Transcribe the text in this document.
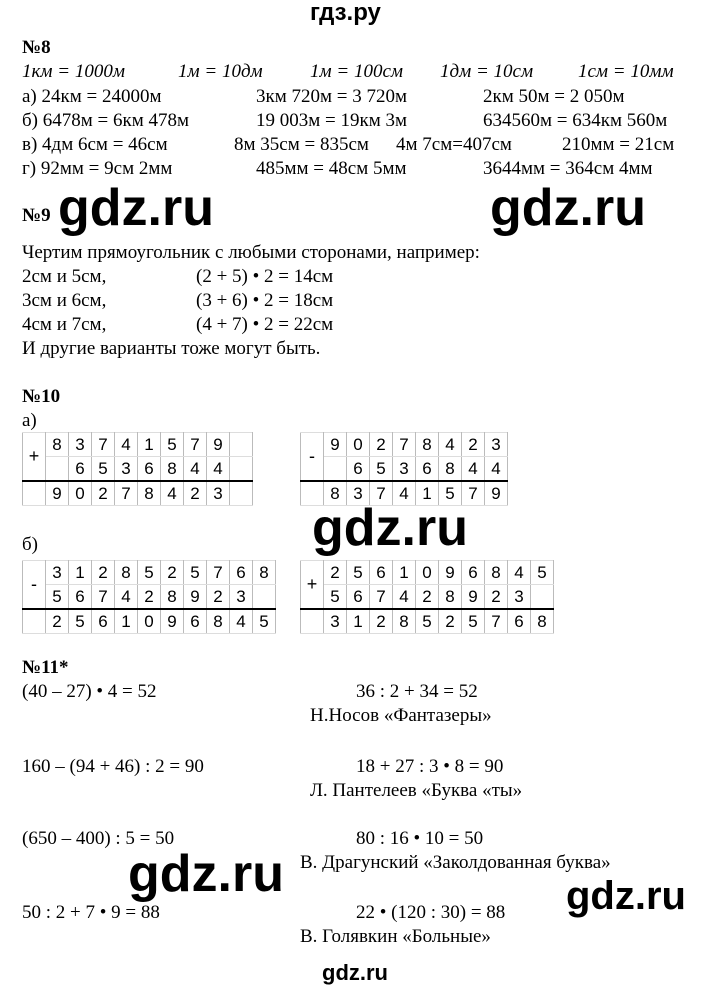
гдз.ру
№8
1км = 1000м	1м = 10дм 1м = 100см 1дм = 10см 1см = 10мм
а) 24км = 24000м	3км 720м = 3 720м	2км 50м = 2 050м
б) 6478м = 6км 478м	19 003м = 19км 3м	634560м = 634км 560м
в) 4дм 6см = 46см	8м 35см = 835см 4м 7см=407см	210мм = 21см
г) 92мм = 9см 2мм	485мм = 48см 5мм	3644мм = 364см 4мм
№9 gdz.ru	gdz.ru
Чертим прямоугольник с любыми сторонами, например:
2см и 5см,	(2 + 5) • 2 = 14см
3см и 6см,	(3 + 6) • 2 = 18см
4см и 7см,	(4 + 7) • 2 = 22см
И другие варианты тоже могут быть.
№10
а)
+	8	3	7	4	1	5	7	9	
		6	5	3	6	8	4	4	
	9	0	2	7	8	4	2	3	
-	9	0	2	7	8	4	2	3
		6	5	3	6	8	4	4
	8	3	7	4	1	5	7	9
gdz.ru
б)
-	3	1	2	8	5	2	5	7	6	8
	5	6	7	4	2	8	9	2	3	
	2	5	6	1	0	9	6	8	4	5
+	2	5	6	1	0	9	6	8	4	5
	5	6	7	4	2	8	9	2	3	
	3	1	2	8	5	2	5	7	6	8
№11*
(40 – 27) • 4 = 52	36 : 2 + 34 = 52
Н.Носов «Фантазеры»
160 – (94 + 46) : 2 = 90	18 + 27 : 3 • 8 = 90
Л. Пантелеев «Буква «ты»
(650 – 400) : 5 = 50	80 : 16 • 10 = 50
В. Драгунский «Заколдованная буква»
gdz.ru	gdz.ru
50 : 2 + 7 • 9 = 88	22 • (120 : 30) = 88
В. Голявкин «Больные»
gdz.ru
